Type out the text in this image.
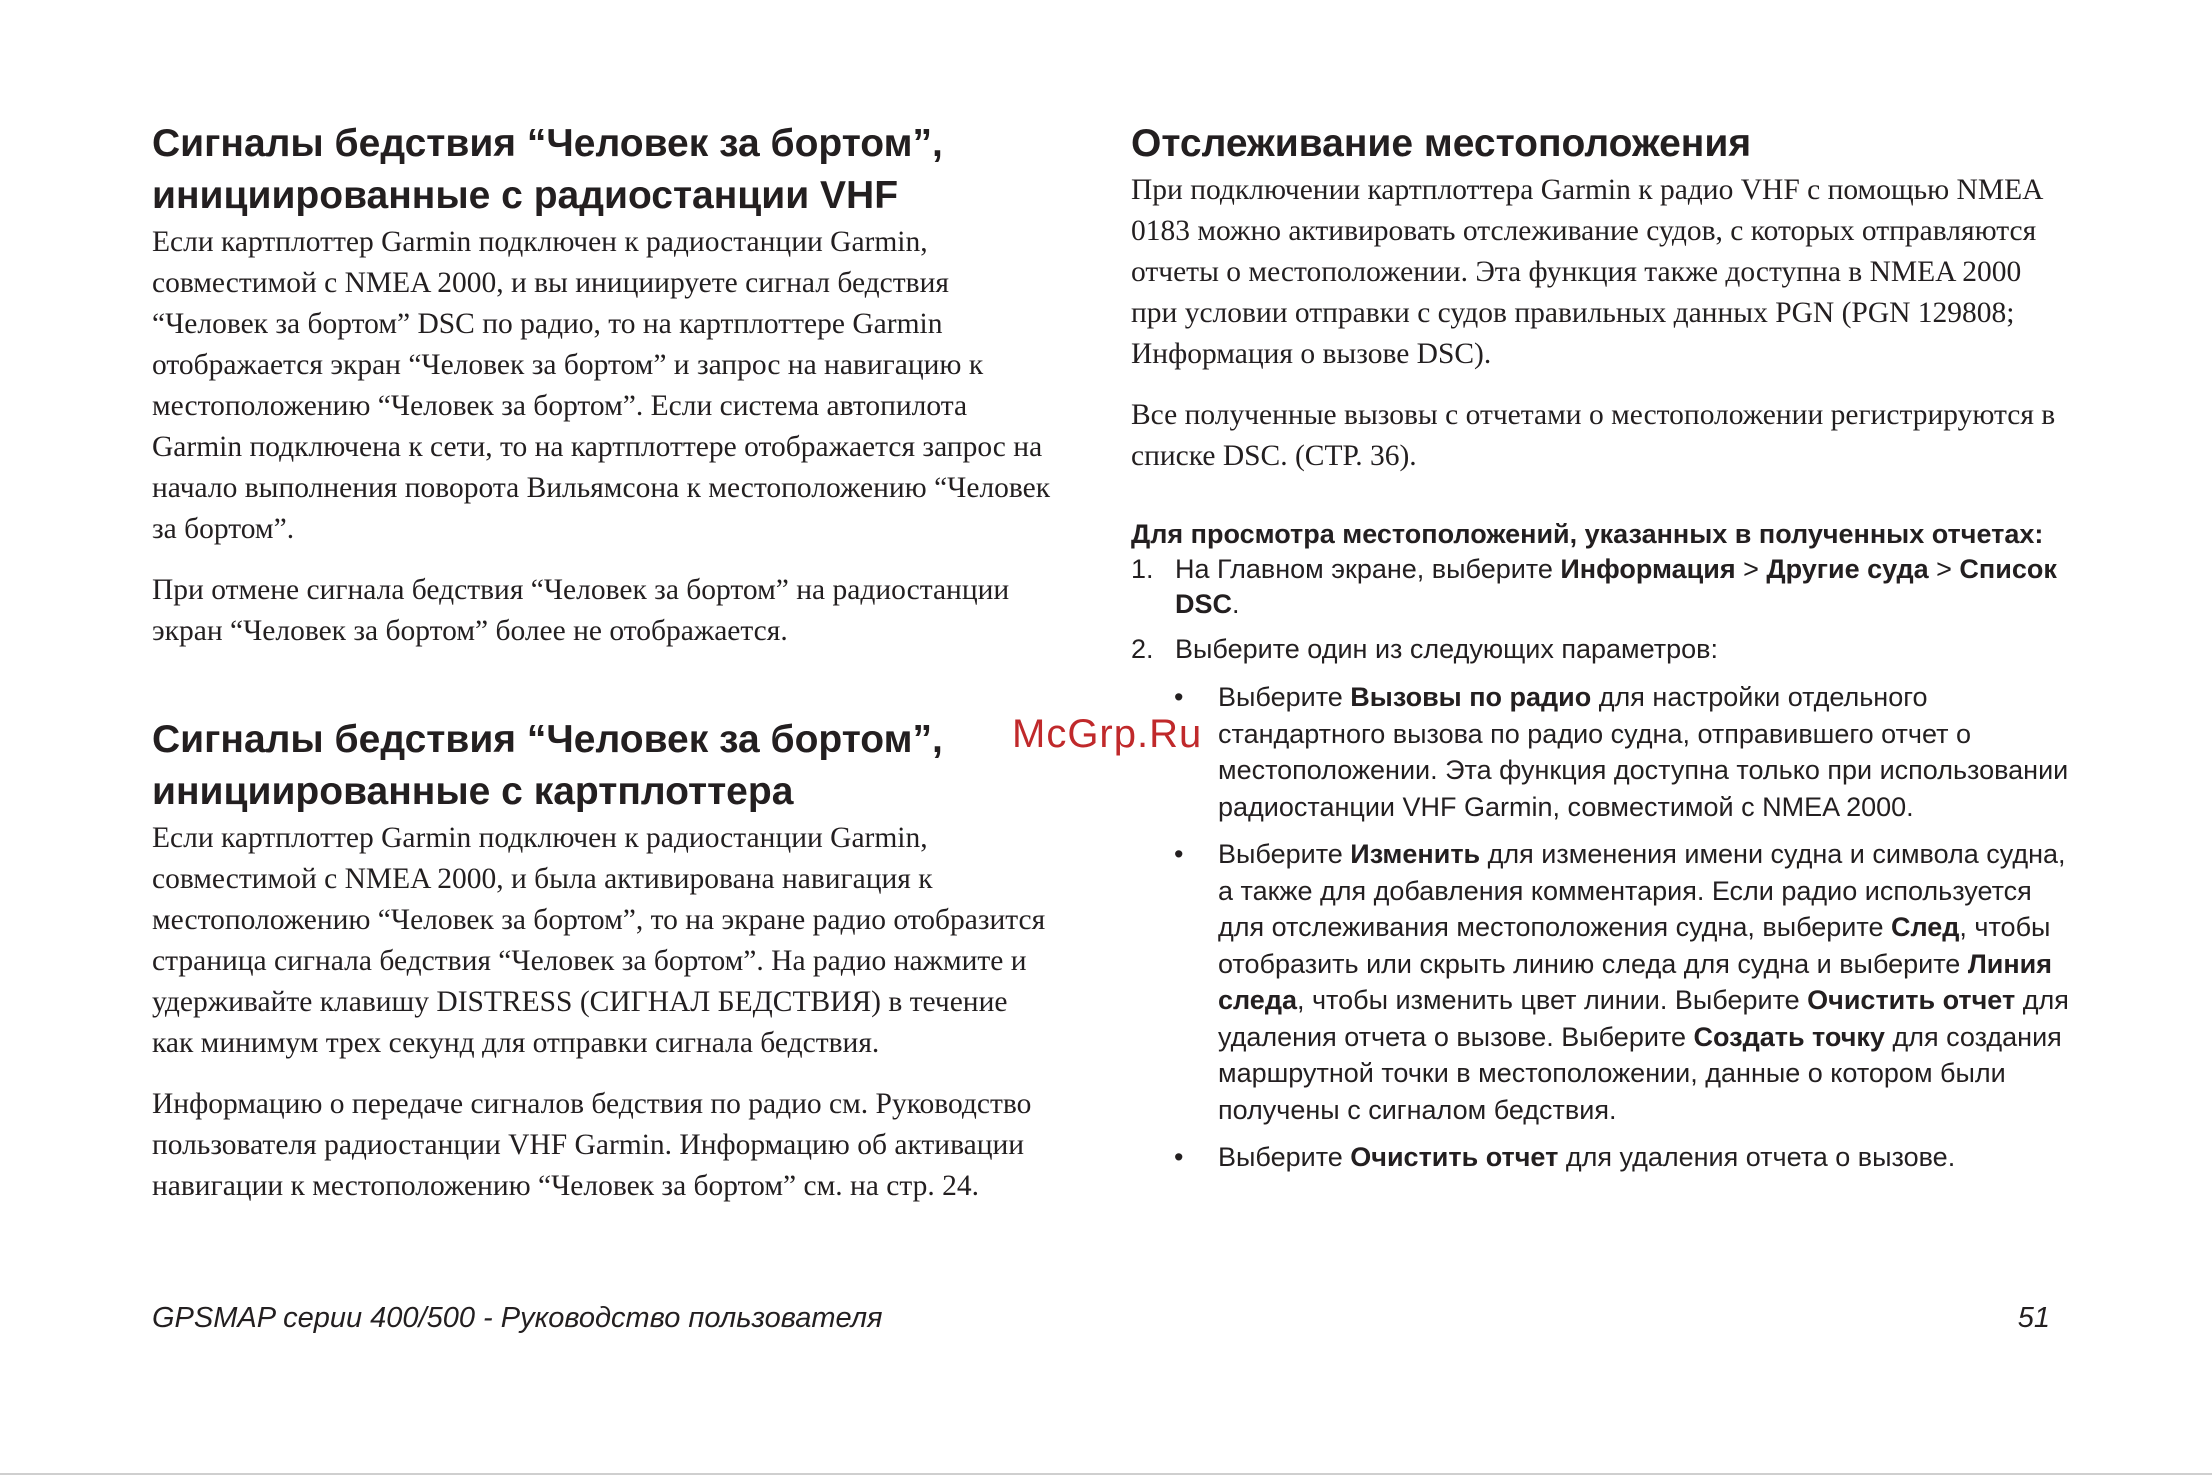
Сигналы бедствия “Человек за бортом”,
инициированные с радиостанции VHF

Если картплоттер Garmin подключен к радиостанции Garmin, совместимой с NMEA 2000, и вы инициируете сигнал бедствия “Человек за бортом” DSC по радио, то на картплоттере Garmin отображается экран “Человек за бортом” и запрос на навигацию к местоположению “Человек за бортом”. Если система автопилота Garmin подключена к сети, то на картплоттере отображается запрос на начало выполнения поворота Вильямсона к местоположению “Человек за бортом”.

При отмене сигнала бедствия “Человек за бортом” на радиостанции экран “Человек за бортом” более не отображается.

Сигналы бедствия “Человек за бортом”,
инициированные с картплоттера

Если картплоттер Garmin подключен к радиостанции Garmin, совместимой с NMEA 2000, и была активирована навигация к местоположению “Человек за бортом”, то на экране радио отобразится страница сигнала бедствия “Человек за бортом”. На радио нажмите и удерживайте клавишу DISTRESS (СИГНАЛ БЕДСТВИЯ) в течение как минимум трех секунд для отправки сигнала бедствия.

Информацию о передаче сигналов бедствия по радио см. Руководство пользователя радиостанции VHF Garmin. Информацию об активации навигации к местоположению “Человек за бортом” см. на стр. 24.

Отслеживание местоположения

При подключении картплоттера Garmin к радио VHF с помощью NMEA 0183 можно активировать отслеживание судов, с которых отправляются отчеты о местоположении. Эта функция также доступна в NMEA 2000 при условии отправки с судов правильных данных PGN (PGN 129808; Информация о вызове DSC).

Все полученные вызовы с отчетами о местоположении регистрируются в списке DSC. (СТР. 36).

Для просмотра местоположений, указанных в полученных отчетах:

1. На Главном экране, выберите Информация > Другие суда > Список DSC.
2. Выберите один из следующих параметров:
• Выберите Вызовы по радио для настройки отдельного стандартного вызова по радио судна, отправившего отчет о местоположении. Эта функция доступна только при использовании радиостанции VHF Garmin, совместимой с NMEA 2000.
• Выберите Изменить для изменения имени судна и символа судна, а также для добавления комментария. Если радио используется для отслеживания местоположения судна, выберите След, чтобы отобразить или скрыть линию следа для судна и выберите Линия следа, чтобы изменить цвет линии. Выберите Очистить отчет для удаления отчета о вызове. Выберите Создать точку для создания маршрутной точки в местоположении, данные о котором были получены с сигналом бедствия.
• Выберите Очистить отчет для удаления отчета о вызове.
McGrp.Ru
GPSMAP серии 400/500 - Руководство пользователя	51
